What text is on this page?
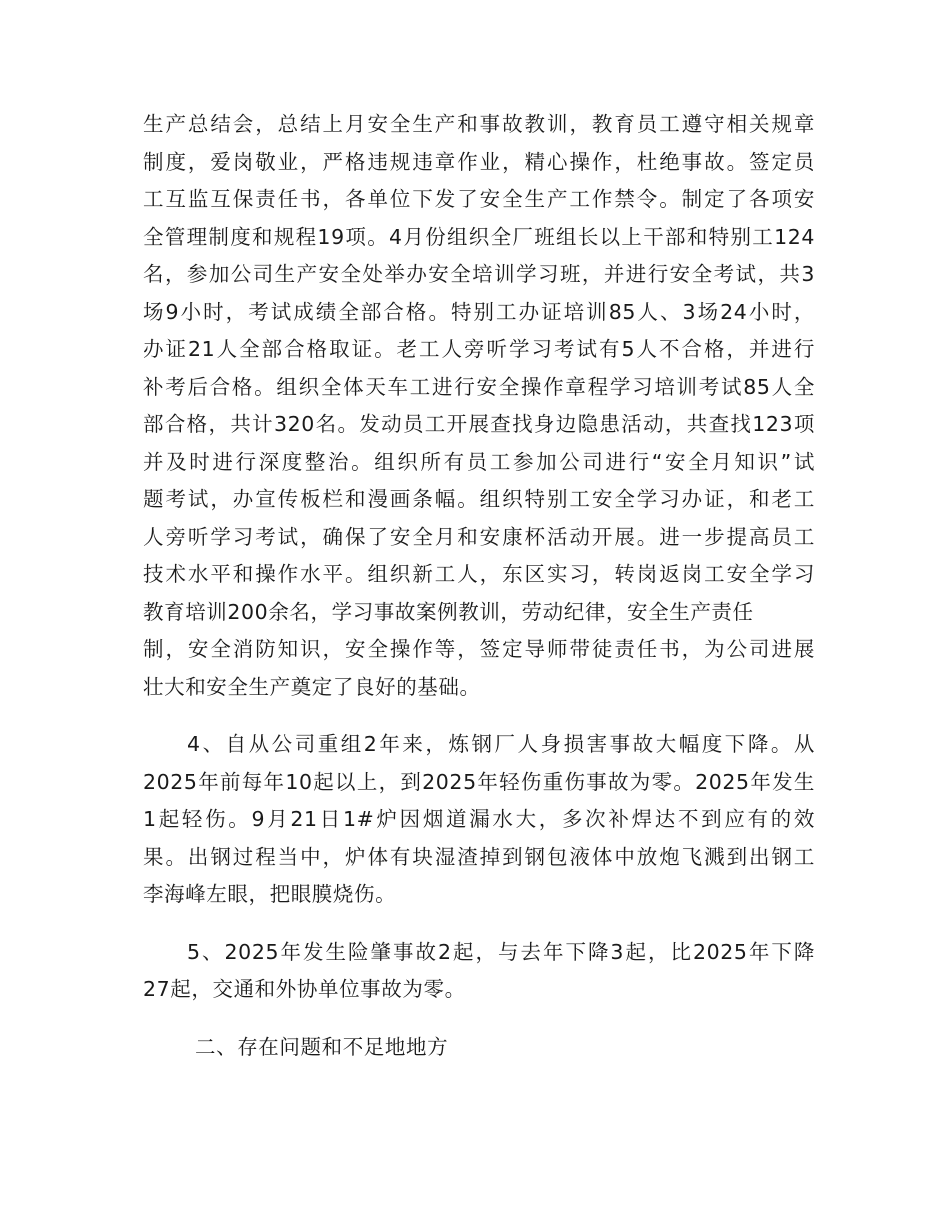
生产总结会，总结上月安全生产和事故教训，教育员工遵守相关规章
制度，爱岗敬业，严格违规违章作业，精心操作，杜绝事故。签定员
工互监互保责任书，各单位下发了安全生产工作禁令。制定了各项安
全管理制度和规程19项。4月份组织全厂班组长以上干部和特别工124
名，参加公司生产安全处举办安全培训学习班，并进行安全考试，共3
场9小时，考试成绩全部合格。特别工办证培训85人、3场24小时，
办证21人全部合格取证。老工人旁听学习考试有5人不合格，并进行
补考后合格。组织全体天车工进行安全操作章程学习培训考试85人全
部合格，共计320名。发动员工开展查找身边隐患活动，共查找123项
并及时进行深度整治。组织所有员工参加公司进行“安全月知识”试
题考试，办宣传板栏和漫画条幅。组织特别工安全学习办证，和老工
人旁听学习考试，确保了安全月和安康杯活动开展。进一步提高员工
技术水平和操作水平。组织新工人，东区实习，转岗返岗工安全学习
教育培训200余名，学习事故案例教训，劳动纪律，安全生产责任
制，安全消防知识，安全操作等，签定导师带徒责任书，为公司进展
壮大和安全生产奠定了良好的基础。
4、自从公司重组2年来，炼钢厂人身损害事故大幅度下降。从
2025年前每年10起以上，到2025年轻伤重伤事故为零。2025年发生
1起轻伤。9月21日1#炉因烟道漏水大，多次补焊达不到应有的效
果。出钢过程当中，炉体有块湿渣掉到钢包液体中放炮飞溅到出钢工
李海峰左眼，把眼膜烧伤。
5、2025年发生险肇事故2起，与去年下降3起，比2025年下降
27起，交通和外协单位事故为零。
二、存在问题和不足地地方
